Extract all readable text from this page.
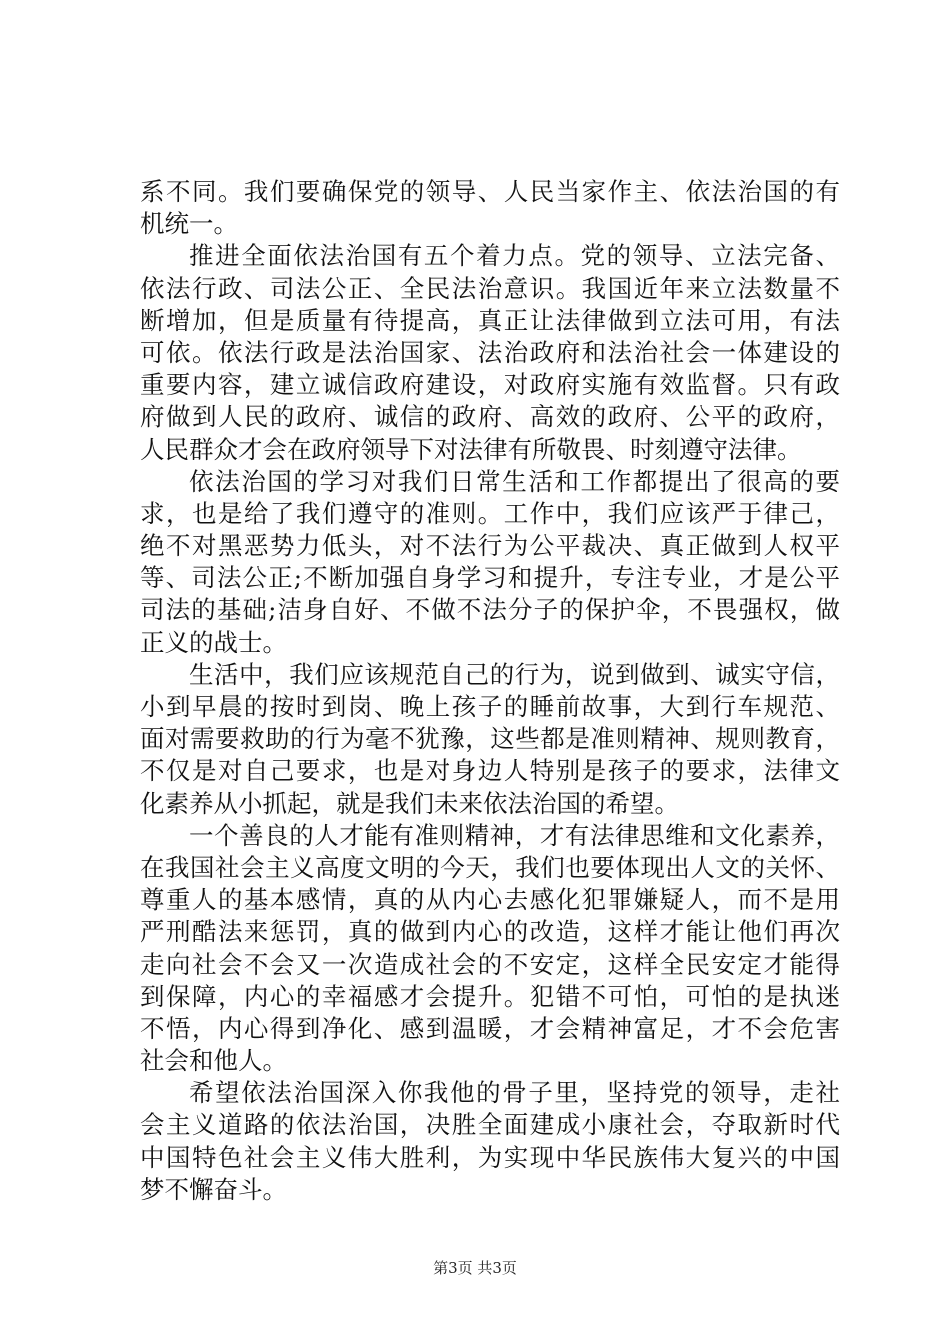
系不同。我们要确保党的领导、人民当家作主、依法治国的有
机统一。
推进全面依法治国有五个着力点。党的领导、立法完备、
依法行政、司法公正、全民法治意识。我国近年来立法数量不
断增加，但是质量有待提高，真正让法律做到立法可用，有法
可依。依法行政是法治国家、法治政府和法治社会一体建设的
重要内容，建立诚信政府建设，对政府实施有效监督。只有政
府做到人民的政府、诚信的政府、高效的政府、公平的政府，
人民群众才会在政府领导下对法律有所敬畏、时刻遵守法律。
依法治国的学习对我们日常生活和工作都提出了很高的要
求，也是给了我们遵守的准则。工作中，我们应该严于律己，
绝不对黑恶势力低头，对不法行为公平裁决、真正做到人权平
等、司法公正;不断加强自身学习和提升，专注专业，才是公平
司法的基础;洁身自好、不做不法分子的保护伞，不畏强权，做
正义的战士。
生活中，我们应该规范自己的行为，说到做到、诚实守信，
小到早晨的按时到岗、晚上孩子的睡前故事，大到行车规范、
面对需要救助的行为毫不犹豫，这些都是准则精神、规则教育，
不仅是对自己要求，也是对身边人特别是孩子的要求，法律文
化素养从小抓起，就是我们未来依法治国的希望。
一个善良的人才能有准则精神，才有法律思维和文化素养，
在我国社会主义高度文明的今天，我们也要体现出人文的关怀、
尊重人的基本感情，真的从内心去感化犯罪嫌疑人，而不是用
严刑酷法来惩罚，真的做到内心的改造，这样才能让他们再次
走向社会不会又一次造成社会的不安定，这样全民安定才能得
到保障，内心的幸福感才会提升。犯错不可怕，可怕的是执迷
不悟，内心得到净化、感到温暖，才会精神富足，才不会危害
社会和他人。
希望依法治国深入你我他的骨子里，坚持党的领导，走社
会主义道路的依法治国，决胜全面建成小康社会，夺取新时代
中国特色社会主义伟大胜利，为实现中华民族伟大复兴的中国
梦不懈奋斗。
第3页 共3页
